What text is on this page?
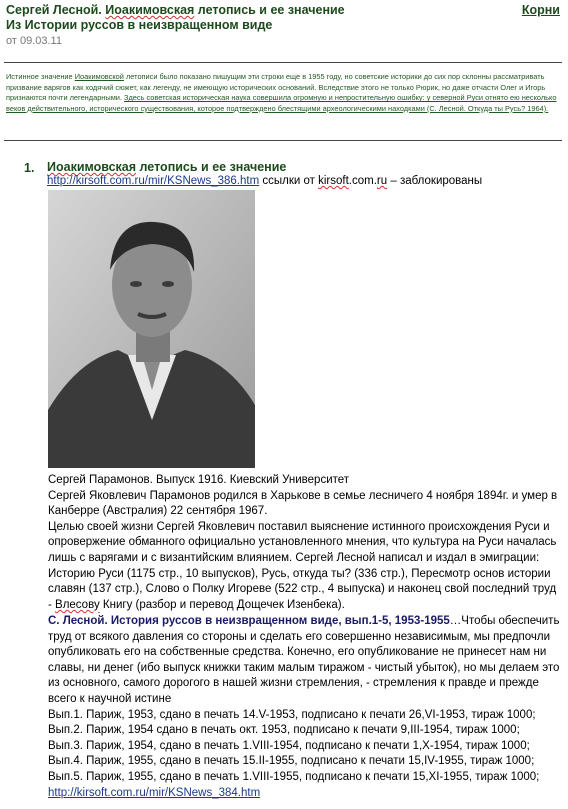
Сергей Лесной. Иоакимовская летопись и ее значение
Из Истории руссов в неизвращенном виде
от 09.03.11
Корни
Истинное значение Иоакимовской летописи было показано пишущим эти строки еще в 1955 году, но советские историки до сих пор склонны рассматривать призвание варягов как ходячий сюжет, как легенду, не имеющую исторических оснований. Вследствие этого не только Рюрик, но даже отчасти Олег и Игорь признаются почти легендарными. Здесь советская историческая наука совершила огромную и непростительную ошибку: у северной Руси отнято ею несколько веков действительного, исторического существования, которое подтверждено блестящими археологическими находками (С. Лесной. Откуда ты Русь? 1964).
1. Иоакимовская летопись и ее значение
http://kirsoft.com.ru/mir/KSNews_386.htm ссылки от kirsoft.com.ru – заблокированы
Сергей Парамонов. Выпуск 1916. Киевский Университет
Сергей Яковлевич Парамонов родился в Харькове в семье лесничего 4 ноября 1894г. и умер в Канберре (Австралия) 22 сентября 1967.
Целью своей жизни Сергей Яковлевич поставил выяснение истинного происхождения Руси и опровержение обманного официально установленного мнения, что культура на Руси началась лишь с варягами и с византийским влиянием. Сергей Лесной написал и издал в эмиграции: Историю Руси (1175 стр., 10 выпусков), Русь, откуда ты? (336 стр.), Пересмотр основ истории славян (137 стр.), Слово о Полку Игореве (522 стр., 4 выпуска) и наконец свой последний труд - Влесову Книгу (разбор и перевод Дощечек Изенбека).
С. Лесной. История руссов в неизвращенном виде, вып.1-5, 1953-1955…Чтобы обеспечить труд от всякого давления со стороны и сделать его совершенно независимым, мы предпочли опубликовать его на собственные средства. Конечно, его опубликование не принесет нам ни славы, ни денег (ибо выпуск книжки таким малым тиражом - чистый убыток), но мы делаем это из основного, самого дорогого в нашей жизни стремления, - стремления к правде и прежде всего к научной истине
Вып.1. Париж, 1953, сдано в печать 14.V-1953, подписано к печати 26,VI-1953, тираж 1000;
Вып.2. Париж, 1954 сдано в печать окт. 1953, подписано к печати 9,III-1954, тираж 1000;
Вып.3. Париж, 1954, сдано в печать 1.VIII-1954, подписано к печати 1,X-1954, тираж 1000;
Вып.4. Париж, 1955, сдано в печать 15.II-1955, подписано к печати 15,IV-1955, тираж 1000;
Вып.5. Париж, 1955, сдано в печать 1.VIII-1955, подписано к печати 15,XI-1955, тираж 1000;
http://kirsoft.com.ru/mir/KSNews_384.htm
